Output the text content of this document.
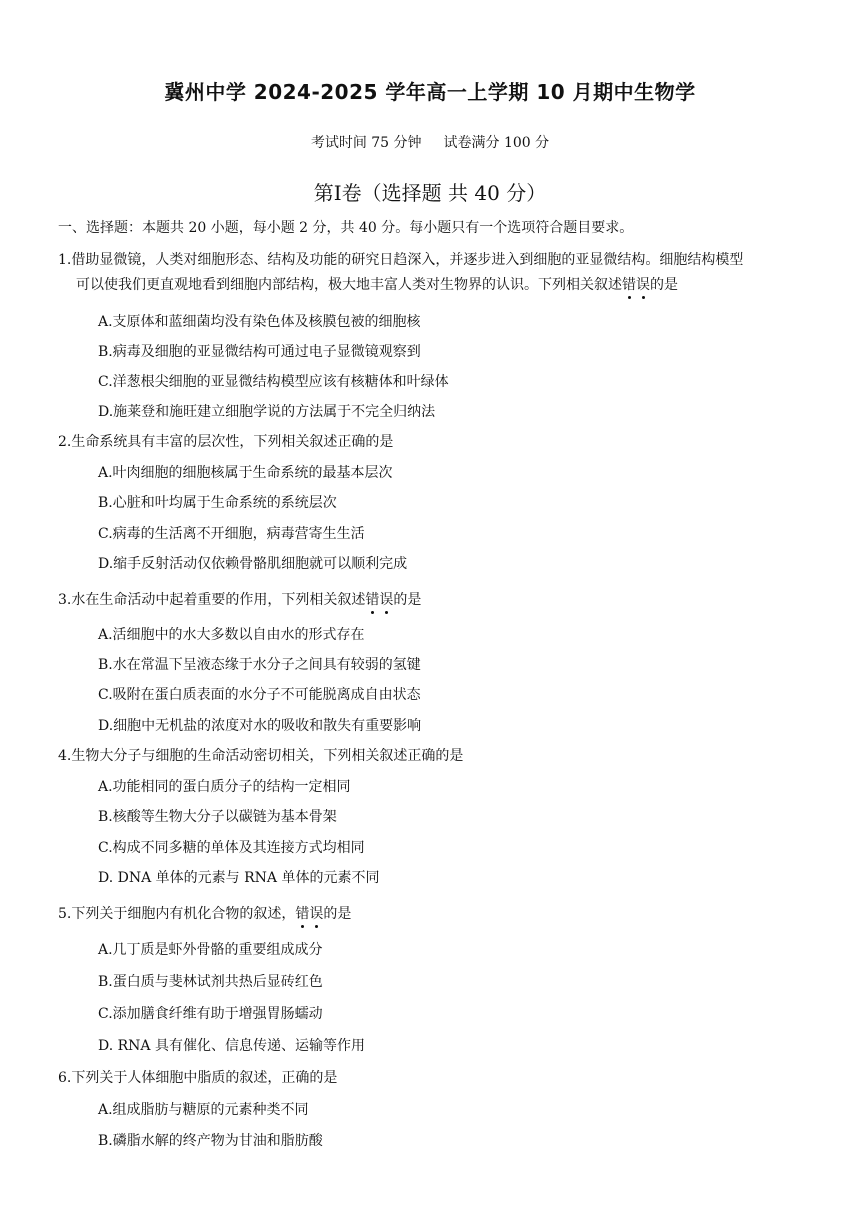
冀州中学 2024-2025 学年高一上学期 10 月期中生物学
考试时间 75 分钟 试卷满分 100 分
第Ⅰ卷（选择题 共 40 分）
一、选择题：本题共 20 小题，每小题 2 分，共 40 分。每小题只有一个选项符合题目要求。
1.借助显微镜，人类对细胞形态、结构及功能的研究日趋深入，并逐步进入到细胞的亚显微结构。细胞结构模型
可以使我们更直观地看到细胞内部结构，极大地丰富人类对生物界的认识。下列相关叙述错误的是
A.支原体和蓝细菌均没有染色体及核膜包被的细胞核
B.病毒及细胞的亚显微结构可通过电子显微镜观察到
C.洋葱根尖细胞的亚显微结构模型应该有核糖体和叶绿体
D.施莱登和施旺建立细胞学说的方法属于不完全归纳法
2.生命系统具有丰富的层次性，下列相关叙述正确的是
A.叶肉细胞的细胞核属于生命系统的最基本层次
B.心脏和叶均属于生命系统的系统层次
C.病毒的生活离不开细胞，病毒营寄生生活
D.缩手反射活动仅依赖骨骼肌细胞就可以顺利完成
3.水在生命活动中起着重要的作用，下列相关叙述错误的是
A.活细胞中的水大多数以自由水的形式存在
B.水在常温下呈液态缘于水分子之间具有较弱的氢键
C.吸附在蛋白质表面的水分子不可能脱离成自由状态
D.细胞中无机盐的浓度对水的吸收和散失有重要影响
4.生物大分子与细胞的生命活动密切相关，下列相关叙述正确的是
A.功能相同的蛋白质分子的结构一定相同
B.核酸等生物大分子以碳链为基本骨架
C.构成不同多糖的单体及其连接方式均相同
D. DNA 单体的元素与 RNA 单体的元素不同
5.下列关于细胞内有机化合物的叙述，错误的是
A.几丁质是虾外骨骼的重要组成成分
B.蛋白质与斐林试剂共热后显砖红色
C.添加膳食纤维有助于增强胃肠蠕动
D. RNA 具有催化、信息传递、运输等作用
6.下列关于人体细胞中脂质的叙述，正确的是
A.组成脂肪与糖原的元素种类不同
B.磷脂水解的终产物为甘油和脂肪酸
